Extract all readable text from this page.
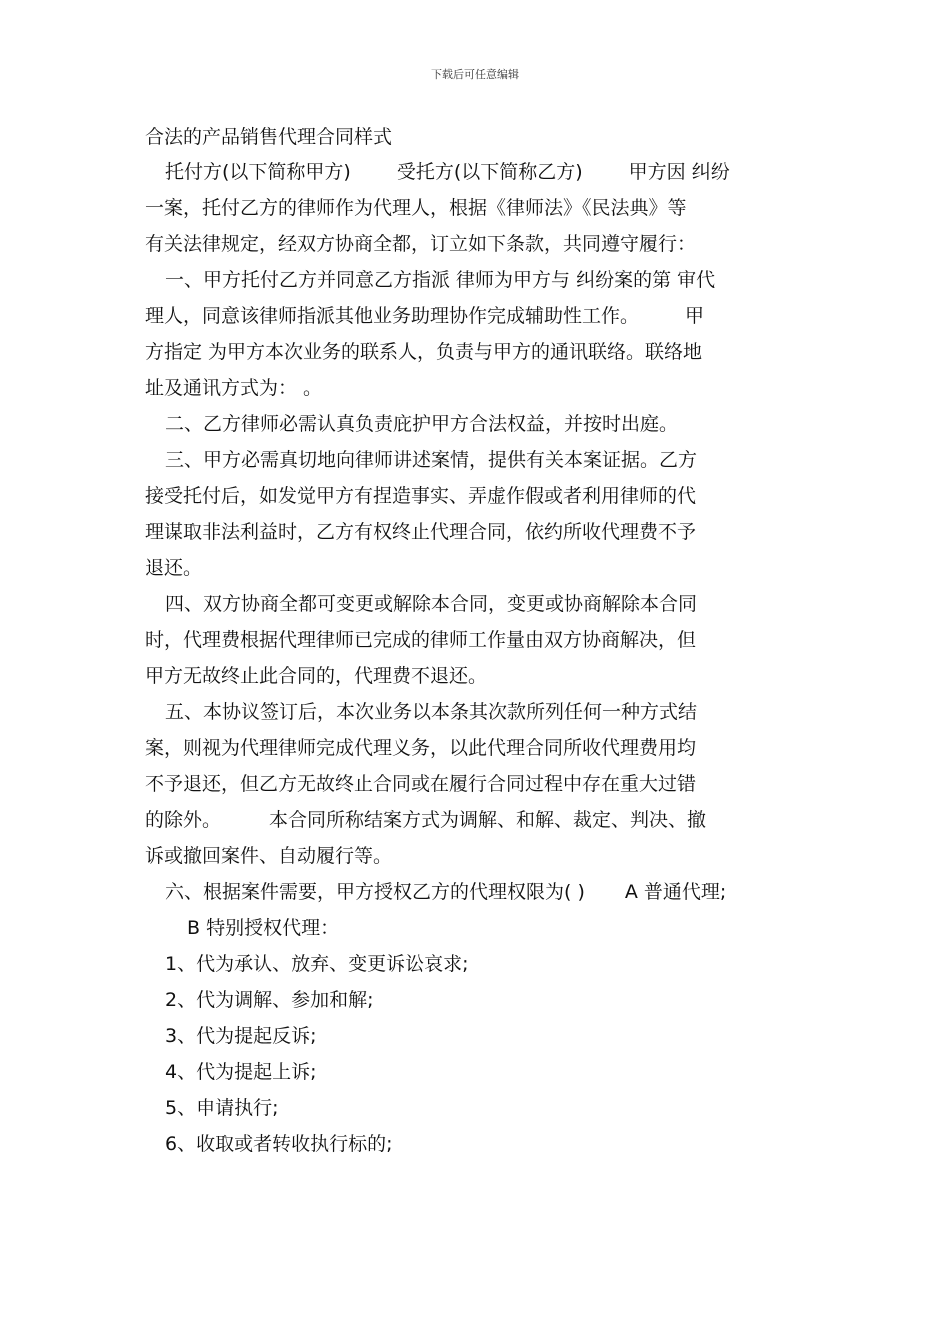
下载后可任意编辑
合法的产品销售代理合同样式

托付方(以下简称甲方) 受托方(以下简称乙方) 甲方因 纠纷

一案，托付乙方的律师作为代理人，根据《律师法》《民法典》等

有关法律规定，经双方协商全都，订立如下条款，共同遵守履行：

一、甲方托付乙方并同意乙方指派 律师为甲方与 纠纷案的第 审代

理人，同意该律师指派其他业务助理协作完成辅助性工作。 甲

方指定 为甲方本次业务的联系人，负责与甲方的通讯联络。联络地

址及通讯方式为： 。

二、乙方律师必需认真负责庇护甲方合法权益，并按时出庭。

三、甲方必需真切地向律师讲述案情，提供有关本案证据。乙方

接受托付后，如发觉甲方有捏造事实、弄虚作假或者利用律师的代

理谋取非法利益时，乙方有权终止代理合同，依约所收代理费不予

退还。

四、双方协商全都可变更或解除本合同，变更或协商解除本合同

时，代理费根据代理律师已完成的律师工作量由双方协商解决，但

甲方无故终止此合同的，代理费不退还。

五、本协议签订后，本次业务以本条其次款所列任何一种方式结

案，则视为代理律师完成代理义务，以此代理合同所收代理费用均

不予退还，但乙方无故终止合同或在履行合同过程中存在重大过错

的除外。	本合同所称结案方式为调解、和解、裁定、判决、撤

诉或撤回案件、自动履行等。

六、根据案件需要，甲方授权乙方的代理权限为( ) A 普通代理;

B 特别授权代理：

1、代为承认、放弃、变更诉讼哀求;

2、代为调解、参加和解;

3、代为提起反诉;

4、代为提起上诉;

5、申请执行;

6、收取或者转收执行标的;
